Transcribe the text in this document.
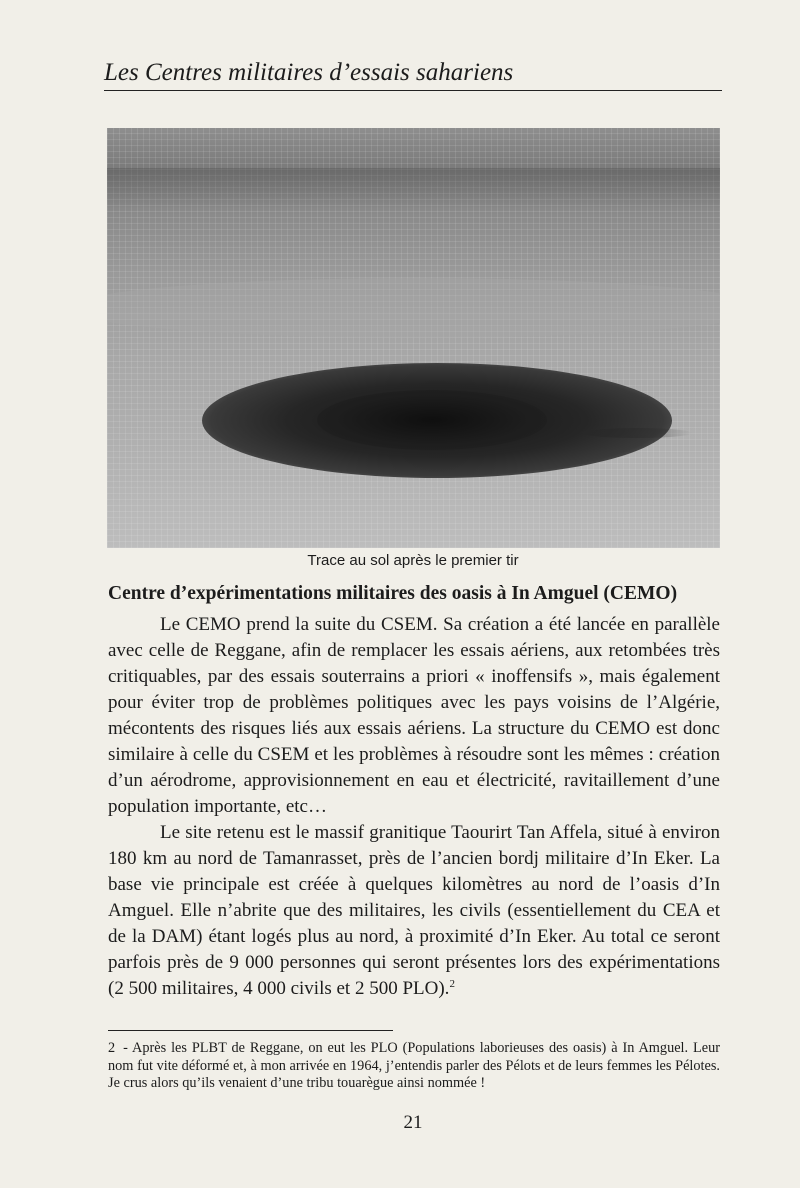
Les Centres militaires d’essais sahariens
Trace au sol après le premier tir
Centre d’expérimentations militaires des oasis à In Amguel (CEMO)

Le CEMO prend la suite du CSEM. Sa création a été lancée en parallèle avec celle de Reggane, afin de remplacer les essais aériens, aux retombées très critiquables, par des essais souterrains a priori « inoffensifs », mais également pour éviter trop de problèmes politiques avec les pays voisins de l’Algérie, mécontents des risques liés aux essais aériens. La structure du CEMO est donc similaire à celle du CSEM et les problèmes à résoudre sont les mêmes : création d’un aérodrome, approvisionnement en eau et électricité, ravitaillement d’une population importante, etc…

Le site retenu est le massif granitique Taourirt Tan Affela, situé à environ 180 km au nord de Tamanrasset, près de l’ancien bordj militaire d’In Eker. La base vie principale est créée à quelques kilomètres au nord de l’oasis d’In Amguel. Elle n’abrite que des militaires, les civils (essentiellement du CEA et de la DAM) étant logés plus au nord, à proximité d’In Eker. Au total ce seront parfois près de 9 000 personnes qui seront présentes lors des expérimentations (2 500 militaires, 4 000 civils et 2 500 PLO).$^2$

2 - Après les PLBT de Reggane, on eut les PLO (Populations laborieuses des oasis) à In Amguel. Leur nom fut vite déformé et, à mon arrivée en 1964, j’entendis parler des Pélots et de leurs femmes les Pélotes. Je crus alors qu’ils venaient d’une tribu touarègue ainsi nommée !
21
